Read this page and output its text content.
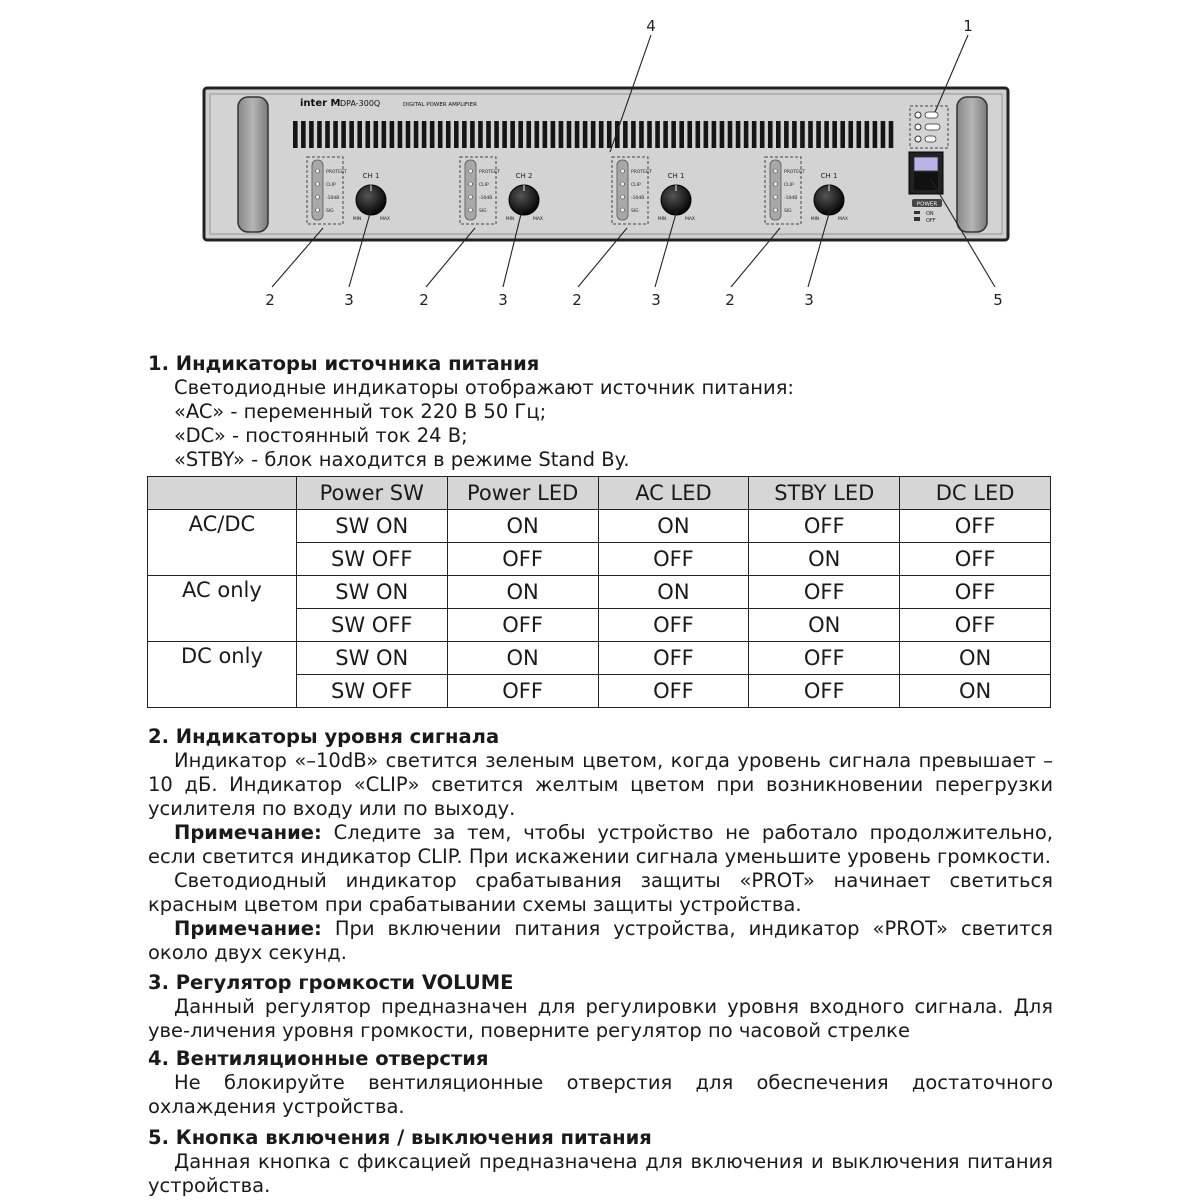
inter M DPA-300Q	DIGITAL POWER AMPLIFIER
PROTECT
CLIP
-10dB
SIG
CH 1
MIN	MAX
PROTECT
CLIP
-10dB
SIG
CH 2
MIN	MAX
PROTECT
CLIP
-10dB
SIG
CH 1
MIN	MAX
PROTECT
CLIP
-10dB
SIG
CH 1
MIN	MAX
POWER
ON
OFF
4	1
2	3	2	3	2	3	2	3	5
1. Индикаторы источника питания
Светодиодные индикаторы отображают источник питания:
«AC» - переменный ток 220 В 50 Гц;
«DC» - постоянный ток 24 В;
«STBY» - блок находится в режиме Stand By.
	Power SW	Power LED	AC LED	STBY LED	DC LED
AC/DC	SW ON	ON	ON	OFF	OFF
	SW OFF	OFF	OFF	ON	OFF
AC only	SW ON	ON	ON	OFF	OFF
	SW OFF	OFF	OFF	ON	OFF
DC only	SW ON	ON	OFF	OFF	ON
	SW OFF	OFF	OFF	OFF	ON
2. Индикаторы уровня сигнала
Индикатор «–10dB» светится зеленым цветом, когда уровень сигнала превышает –10 дБ. Индикатор «CLIP» светится желтым цветом при возникновении перегрузки усилителя по входу или по выходу.
Примечание: Следите за тем, чтобы устройство не работало продолжительно, если светится индикатор CLIP. При искажении сигнала уменьшите уровень громкости.
Светодиодный индикатор срабатывания защиты «PROT» начинает светиться красным цветом при срабатывании схемы защиты устройства.
Примечание: При включении питания устройства, индикатор «PROT» светится около двух секунд.
3. Регулятор громкости VOLUME
Данный регулятор предназначен для регулировки уровня входного сигнала. Для уве-личения уровня громкости, поверните регулятор по часовой стрелке
4. Вентиляционные отверстия
Не блокируйте вентиляционные отверстия для обеспечения достаточного охлаждения устройства.
5. Кнопка включения / выключения питания
Данная кнопка с фиксацией предназначена для включения и выключения питания устройства.
